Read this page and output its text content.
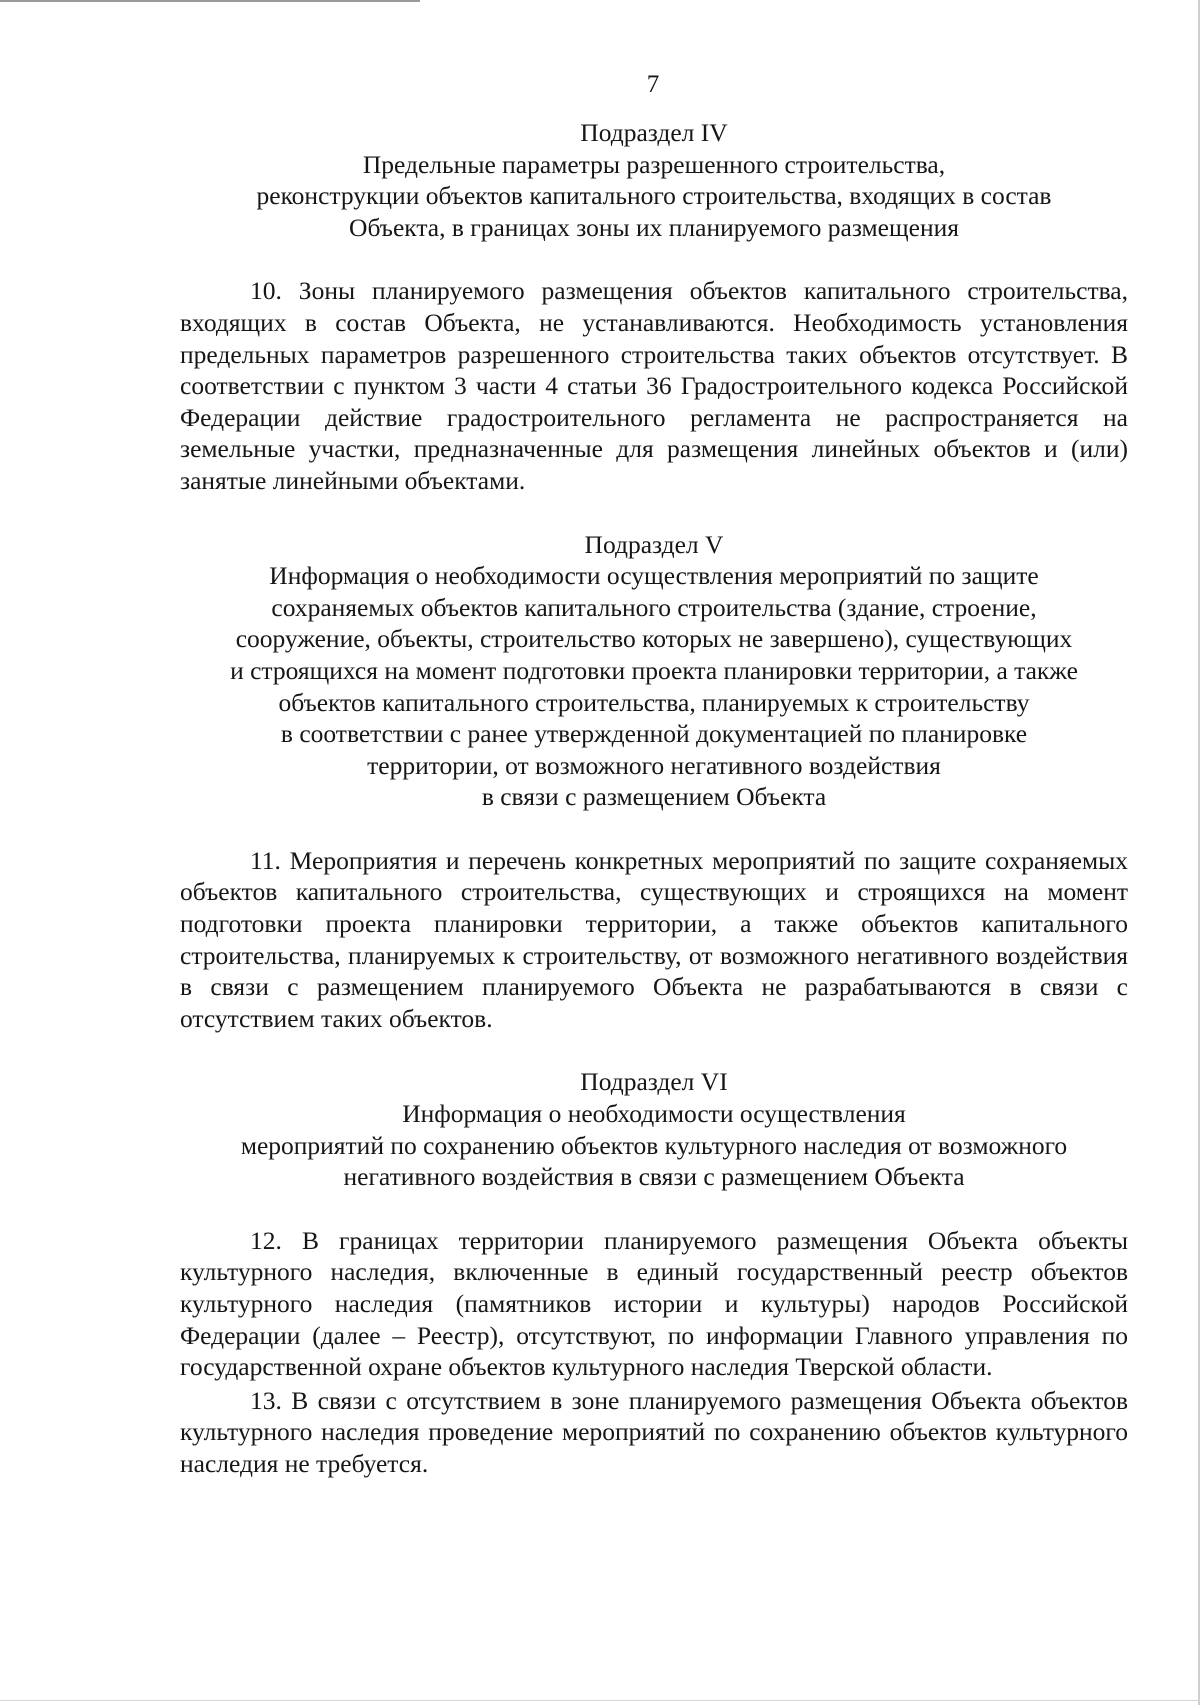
7

Подраздел IV

Предельные параметры разрешенного строительства,

реконструкции объектов капитального строительства, входящих в состав

Объекта, в границах зоны их планируемого размещения

10. Зоны планируемого размещения объектов капитального строительства, входящих в состав Объекта, не устанавливаются. Необходимость установления предельных параметров разрешенного строительства таких объектов отсутствует. В соответствии с пунктом 3 части 4 статьи 36 Градостроительного кодекса Российской Федерации действие градостроительного регламента не распространяется на земельные участки, предназначенные для размещения линейных объектов и (или) занятые линейными объектами.

Подраздел V

Информация о необходимости осуществления мероприятий по защите

сохраняемых объектов капитального строительства (здание, строение,

сооружение, объекты, строительство которых не завершено), существующих

и строящихся на момент подготовки проекта планировки территории, а также

объектов капитального строительства, планируемых к строительству

в соответствии с ранее утвержденной документацией по планировке

территории, от возможного негативного воздействия

в связи с размещением Объекта

11. Мероприятия и перечень конкретных мероприятий по защите сохраняемых объектов капитального строительства, существующих и строящихся на момент подготовки проекта планировки территории, а также объектов капитального строительства, планируемых к строительству, от возможного негативного воздействия в связи с размещением планируемого Объекта не разрабатываются в связи с отсутствием таких объектов.

Подраздел VI

Информация о необходимости осуществления

мероприятий по сохранению объектов культурного наследия от возможного

негативного воздействия в связи с размещением Объекта

12. В границах территории планируемого размещения Объекта объекты культурного наследия, включенные в единый государственный реестр объектов культурного наследия (памятников истории и культуры) народов Российской Федерации (далее – Реестр), отсутствуют, по информации Главного управления по государственной охране объектов культурного наследия Тверской области.

13. В связи с отсутствием в зоне планируемого размещения Объекта объектов культурного наследия проведение мероприятий по сохранению объектов культурного наследия не требуется.
